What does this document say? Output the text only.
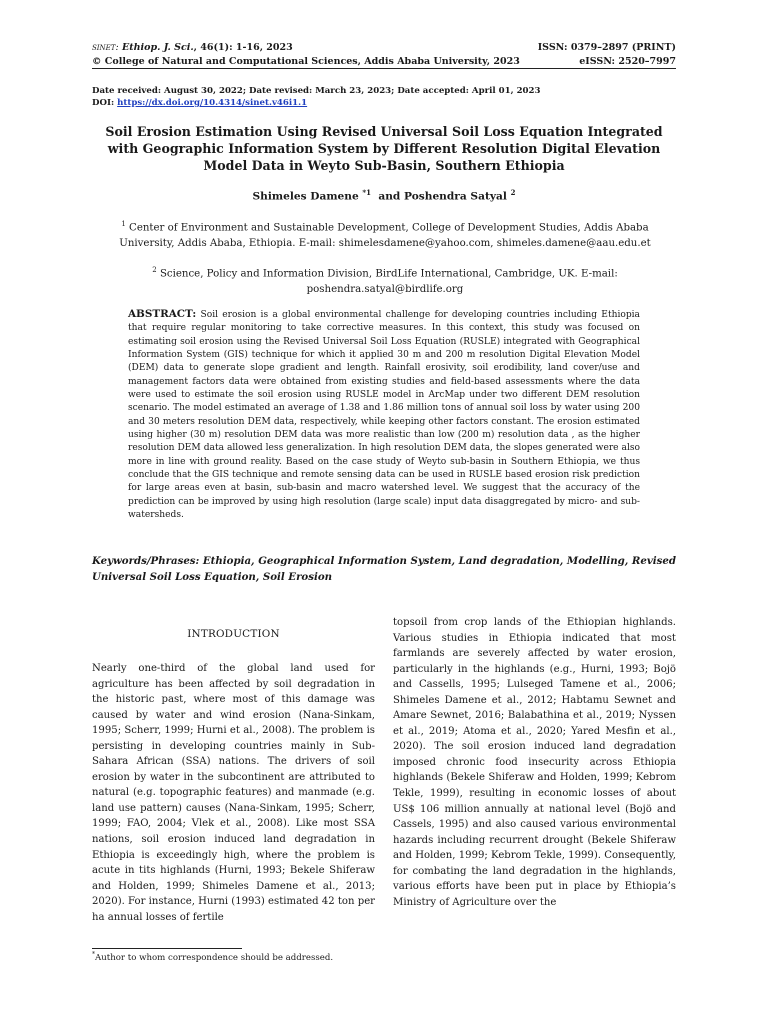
sinet: Ethiop. J. Sci., 46(1): 1-16, 2023	ISSN: 0379–2897 (PRINT)
© College of Natural and Computational Sciences, Addis Ababa University, 2023	eISSN: 2520–7997
Date received: August 30, 2022; Date revised: March 23, 2023; Date accepted: April 01, 2023
DOI: https://dx.doi.org/10.4314/sinet.v46i1.1
Soil Erosion Estimation Using Revised Universal Soil Loss Equation Integrated with Geographic Information System by Different Resolution Digital Elevation Model Data in Weyto Sub-Basin, Southern Ethiopia
Shimeles Damene $^{*1}$ and Poshendra Satyal $^2$
$^1$ Center of Environment and Sustainable Development, College of Development Studies, Addis Ababa University, Addis Ababa, Ethiopia. E-mail: shimelesdamene@yahoo.com, shimeles.damene@aau.edu.et
$^2$ Science, Policy and Information Division, BirdLife International, Cambridge, UK. E-mail: poshendra.satyal@birdlife.org
ABSTRACT: Soil erosion is a global environmental challenge for developing countries including Ethiopia that require regular monitoring to take corrective measures. In this context, this study was focused on estimating soil erosion using the Revised Universal Soil Loss Equation (RUSLE) integrated with Geographical Information System (GIS) technique for which it applied 30 m and 200 m resolution Digital Elevation Model (DEM) data to generate slope gradient and length. Rainfall erosivity, soil erodibility, land cover/use and management factors data were obtained from existing studies and field-based assessments where the data were used to estimate the soil erosion using RUSLE model in ArcMap under two different DEM resolution scenario. The model estimated an average of 1.38 and 1.86 million tons of annual soil loss by water using 200 and 30 meters resolution DEM data, respectively, while keeping other factors constant. The erosion estimated using higher (30 m) resolution DEM data was more realistic than low (200 m) resolution data , as the higher resolution DEM data allowed less generalization. In high resolution DEM data, the slopes generated were also more in line with ground reality. Based on the case study of Weyto sub-basin in Southern Ethiopia, we thus conclude that the GIS technique and remote sensing data can be used in RUSLE based erosion risk prediction for large areas even at basin, sub-basin and macro watershed level. We suggest that the accuracy of the prediction can be improved by using high resolution (large scale) input data disaggregated by micro- and sub-watersheds.
Keywords/Phrases: Ethiopia, Geographical Information System, Land degradation, Modelling, Revised Universal Soil Loss Equation, Soil Erosion
INTRODUCTION
Nearly one-third of the global land used for agriculture has been affected by soil degradation in the historic past, where most of this damage was caused by water and wind erosion (Nana-Sinkam, 1995; Scherr, 1999; Hurni et al., 2008). The problem is persisting in developing countries mainly in Sub-Sahara African (SSA) nations. The drivers of soil erosion by water in the subcontinent are attributed to natural (e.g. topographic features) and manmade (e.g. land use pattern) causes (Nana-Sinkam, 1995; Scherr, 1999; FAO, 2004; Vlek et al., 2008). Like most SSA nations, soil erosion induced land degradation in Ethiopia is exceedingly high, where the problem is acute in tits highlands (Hurni, 1993; Bekele Shiferaw and Holden, 1999; Shimeles Damene et al., 2013; 2020). For instance, Hurni (1993) estimated 42 ton per ha annual losses of fertile
topsoil from crop lands of the Ethiopian highlands. Various studies in Ethiopia indicated that most farmlands are severely affected by water erosion, particularly in the highlands (e.g., Hurni, 1993; Bojö and Cassells, 1995; Lulseged Tamene et al., 2006; Shimeles Damene et al., 2012; Habtamu Sewnet and Amare Sewnet, 2016; Balabathina et al., 2019; Nyssen et al., 2019; Atoma et al., 2020; Yared Mesfin et al., 2020). The soil erosion induced land degradation imposed chronic food insecurity across Ethiopia highlands (Bekele Shiferaw and Holden, 1999; Kebrom Tekle, 1999), resulting in economic losses of about US$ 106 million annually at national level (Bojö and Cassels, 1995) and also caused various environmental hazards including recurrent drought (Bekele Shiferaw and Holden, 1999; Kebrom Tekle, 1999). Consequently, for combating the land degradation in the highlands, various efforts have been put in place by Ethiopia’s Ministry of Agriculture over the
*Author to whom correspondence should be addressed.
